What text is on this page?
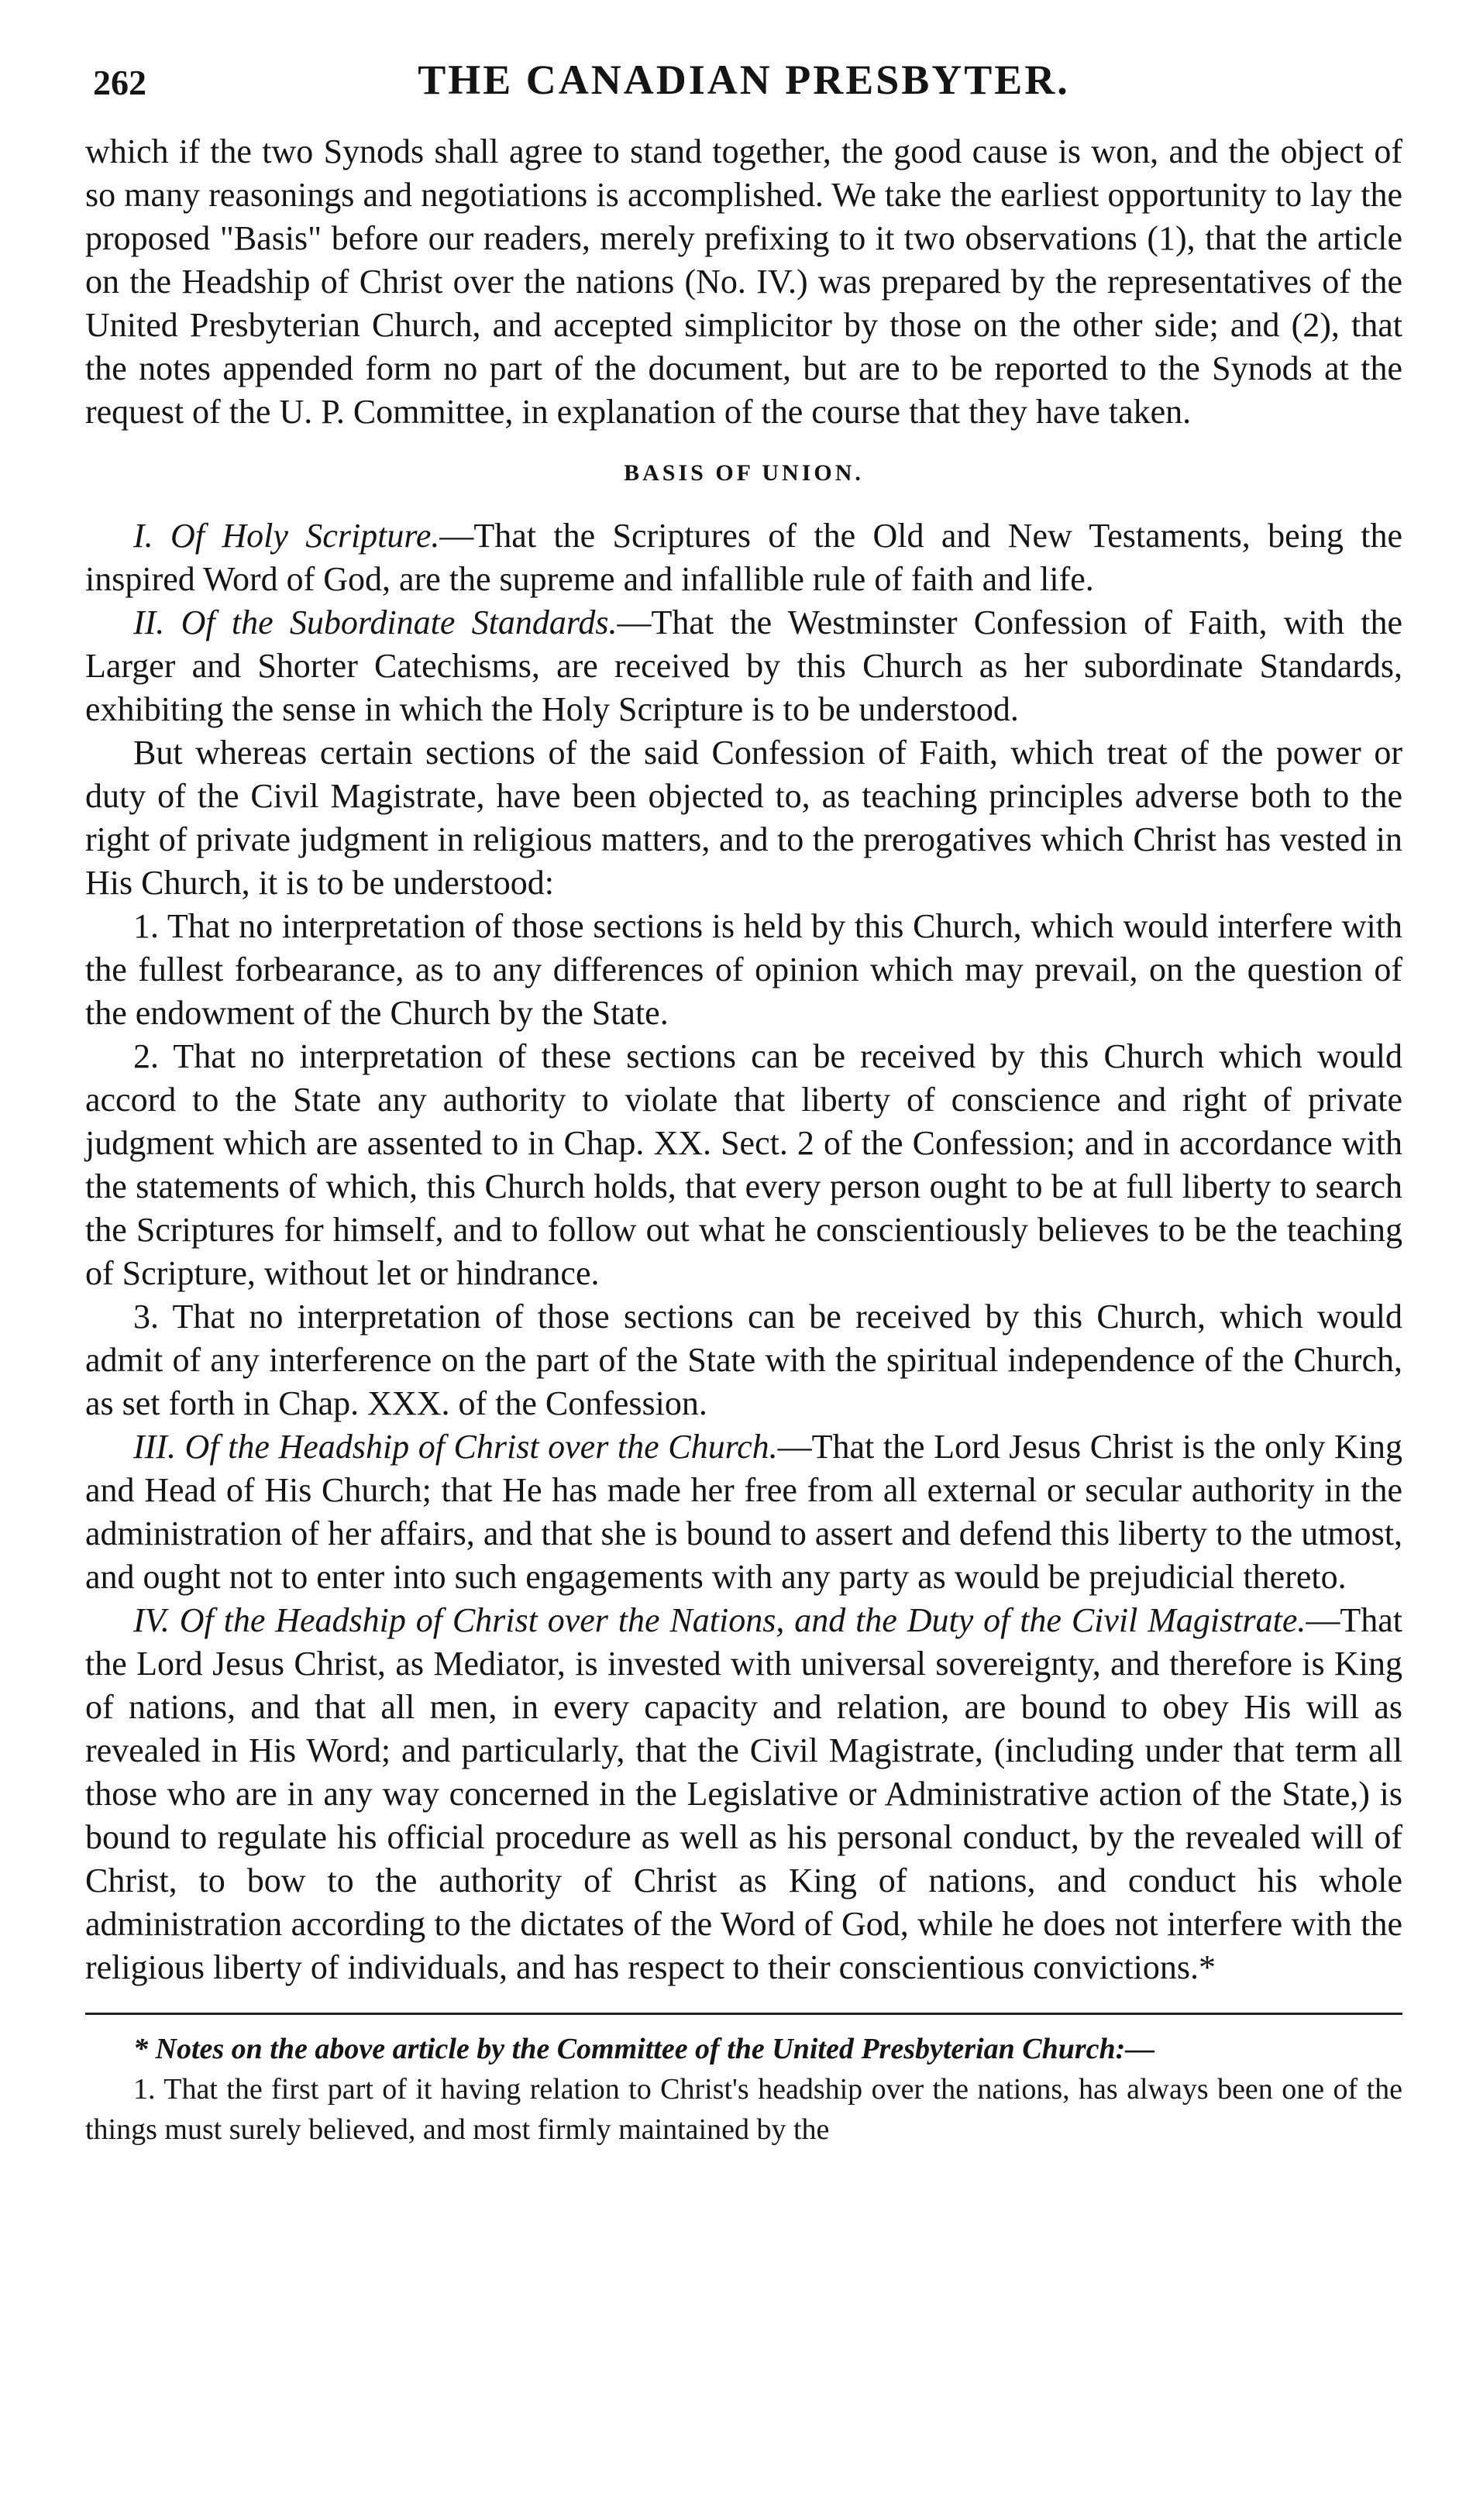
262	THE CANADIAN PRESBYTER.

which if the two Synods shall agree to stand together, the good cause is won, and the object of so many reasonings and negotiations is accomplished. We take the earliest opportunity to lay the proposed "Basis" before our readers, merely prefixing to it two observations (1), that the article on the Headship of Christ over the nations (No. IV.) was prepared by the representatives of the United Presbyterian Church, and accepted simplicitor by those on the other side; and (2), that the notes appended form no part of the document, but are to be reported to the Synods at the request of the U. P. Committee, in explanation of the course that they have taken.

BASIS OF UNION.

I. Of Holy Scripture.—That the Scriptures of the Old and New Testaments, being the inspired Word of God, are the supreme and infallible rule of faith and life.

II. Of the Subordinate Standards.—That the Westminster Confession of Faith, with the Larger and Shorter Catechisms, are received by this Church as her subordinate Standards, exhibiting the sense in which the Holy Scripture is to be understood.

But whereas certain sections of the said Confession of Faith, which treat of the power or duty of the Civil Magistrate, have been objected to, as teaching principles adverse both to the right of private judgment in religious matters, and to the prerogatives which Christ has vested in His Church, it is to be understood:

1. That no interpretation of those sections is held by this Church, which would interfere with the fullest forbearance, as to any differences of opinion which may prevail, on the question of the endowment of the Church by the State.

2. That no interpretation of these sections can be received by this Church which would accord to the State any authority to violate that liberty of conscience and right of private judgment which are assented to in Chap. XX. Sect. 2 of the Confession; and in accordance with the statements of which, this Church holds, that every person ought to be at full liberty to search the Scriptures for himself, and to follow out what he conscientiously believes to be the teaching of Scripture, without let or hindrance.

3. That no interpretation of those sections can be received by this Church, which would admit of any interference on the part of the State with the spiritual independence of the Church, as set forth in Chap. XXX. of the Confession.

III. Of the Headship of Christ over the Church.—That the Lord Jesus Christ is the only King and Head of His Church; that He has made her free from all external or secular authority in the administration of her affairs, and that she is bound to assert and defend this liberty to the utmost, and ought not to enter into such engagements with any party as would be prejudicial thereto.

IV. Of the Headship of Christ over the Nations, and the Duty of the Civil Magistrate.—That the Lord Jesus Christ, as Mediator, is invested with universal sovereignty, and therefore is King of nations, and that all men, in every capacity and relation, are bound to obey His will as revealed in His Word; and particularly, that the Civil Magistrate, (including under that term all those who are in any way concerned in the Legislative or Administrative action of the State,) is bound to regulate his official procedure as well as his personal conduct, by the revealed will of Christ, to bow to the authority of Christ as King of nations, and conduct his whole administration according to the dictates of the Word of God, while he does not interfere with the religious liberty of individuals, and has respect to their conscientious convictions.*

* Notes on the above article by the Committee of the United Presbyterian Church:—

1. That the first part of it having relation to Christ's headship over the nations, has always been one of the things must surely believed, and most firmly maintained by the
